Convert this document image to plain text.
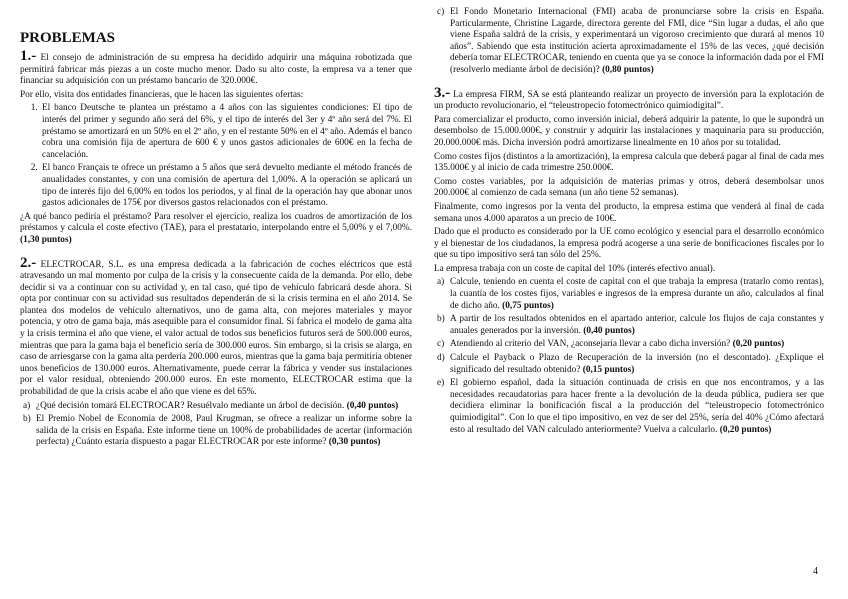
PROBLEMAS

1.- El consejo de administración de su empresa ha decidido adquirir una máquina robotizada que permitirá fabricar más piezas a un coste mucho menor. Dado su alto coste, la empresa va a tener que financiar su adquisición con un préstamo bancario de 320.000€.

Por ello, visita dos entidades financieras, que le hacen las siguientes ofertas:

1. El banco Deutsche te plantea un préstamo a 4 años con las siguientes condiciones: El tipo de interés del primer y segundo año será del 6%, y el tipo de interés del 3er y 4º año será del 7%. El préstamo se amortizará en un 50% en el 2º año, y en el restante 50% en el 4º año. Además el banco cobra una comisión fija de apertura de 600 € y unos gastos adicionales de 600€ en la fecha de cancelación.
2. El banco Français te ofrece un préstamo a 5 años que será devuelto mediante el método francés de anualidades constantes, y con una comisión de apertura del 1,00%. A la operación se aplicará un tipo de interés fijo del 6,00% en todos los periodos, y al final de la operación hay que abonar unos gastos adicionales de 175€ por diversos gastos relacionados con el préstamo.

¿A qué banco pediría el préstamo? Para resolver el ejercicio, realiza los cuadros de amortización de los préstamos y calcula el coste efectivo (TAE), para el prestatario, interpolando entre el 5,00% y el 7,00%. (1,30 puntos)

2.- ELECTROCAR, S.L. es una empresa dedicada a la fabricación de coches eléctricos que está atravesando un mal momento por culpa de la crisis y la consecuente caída de la demanda. Por ello, debe decidir si va a continuar con su actividad y, en tal caso, qué tipo de vehículo fabricará desde ahora. Si opta por continuar con su actividad sus resultados dependerán de si la crisis termina en el año 2014. Se plantea dos modelos de vehículo alternativos, uno de gama alta, con mejores materiales y mayor potencia, y otro de gama baja, más asequible para el consumidor final. Si fabrica el modelo de gama alta y la crisis termina el año que viene, el valor actual de todos sus beneficios futuros será de 500.000 euros, mientras que para la gama baja el beneficio sería de 300.000 euros. Sin embargo, si la crisis se alarga, en caso de arriesgarse con la gama alta perdería 200.000 euros, mientras que la gama baja permitiría obtener unos beneficios de 130.000 euros. Alternativamente, puede cerrar la fábrica y vender sus instalaciones por el valor residual, obteniendo 200.000 euros. En este momento, ELECTROCAR estima que la probabilidad de que la crisis acabe el año que viene es del 65%.

a) ¿Qué decisión tomará ELECTROCAR? Resuélvalo mediante un árbol de decisión. (0,40 puntos)
b) El Premio Nobel de Economía de 2008, Paul Krugman, se ofrece a realizar un informe sobre la salida de la crisis en España. Este informe tiene un 100% de probabilidades de acertar (información perfecta) ¿Cuánto estaría dispuesto a pagar ELECTROCAR por este informe? (0,30 puntos)
c) El Fondo Monetario Internacional (FMI) acaba de pronunciarse sobre la crisis en España. Particularmente, Christine Lagarde, directora gerente del FMI, dice “Sin lugar a dudas, el año que viene España saldrá de la crisis, y experimentará un vigoroso crecimiento que durará al menos 10 años”. Sabiendo que esta institución acierta aproximadamente el 15% de las veces, ¿qué decisión debería tomar ELECTROCAR, teniendo en cuenta que ya se conoce la información dada por el FMI (resolverlo mediante árbol de decisión)? (0,80 puntos)

3.- La empresa FIRM, SA se está planteando realizar un proyecto de inversión para la explotación de un producto revolucionario, el “teleustropecio fotomectrónico quimiodigital”.

Para comercializar el producto, como inversión inicial, deberá adquirir la patente, lo que le supondrá un desembolso de 15.000.000€, y construir y adquirir las instalaciones y maquinaria para su producción, 20.000.000€ más. Dicha inversión podrá amortizarse linealmente en 10 años por su totalidad.

Como costes fijos (distintos a la amortización), la empresa calcula que deberá pagar al final de cada mes 135.000€ y al inicio de cada trimestre 250.000€.

Como costes variables, por la adquisición de materias primas y otros, deberá desembolsar unos 200.000€ al comienzo de cada semana (un año tiene 52 semanas).

Finalmente, como ingresos por la venta del producto, la empresa estima que venderá al final de cada semana unos 4.000 aparatos a un precio de 100€.

Dado que el producto es considerado por la UE como ecológico y esencial para el desarrollo económico y el bienestar de los ciudadanos, la empresa podrá acogerse a una serie de bonificaciones fiscales por lo que su tipo impositivo será tan sólo del 25%.

La empresa trabaja con un coste de capital del 10% (interés efectivo anual).

a) Calcule, teniendo en cuenta el coste de capital con el que trabaja la empresa (tratarlo como rentas), la cuantía de los costes fijos, variables e ingresos de la empresa durante un año, calculados al final de dicho año. (0,75 puntos)
b) A partir de los resultados obtenidos en el apartado anterior, calcule los flujos de caja constantes y anuales generados por la inversión. (0,40 puntos)
c) Atendiendo al criterio del VAN, ¿aconsejaría llevar a cabo dicha inversión? (0,20 puntos)
d) Calcule el Payback o Plazo de Recuperación de la inversión (no el descontado). ¿Explique el significado del resultado obtenido? (0,15 puntos)
e) El gobierno español, dada la situación continuada de crisis en que nos encontramos, y a las necesidades recaudatorias para hacer frente a la devolución de la deuda pública, pudiera ser que decidiera eliminar la bonificación fiscal a la producción del “teleustropecio fotomectrónico quimiodigital”. Con lo que el tipo impositivo, en vez de ser del 25%, sería del 40% ¿Cómo afectará esto al resultado del VAN calculado anteriormente? Vuelva a calcularlo. (0,20 puntos)
4
